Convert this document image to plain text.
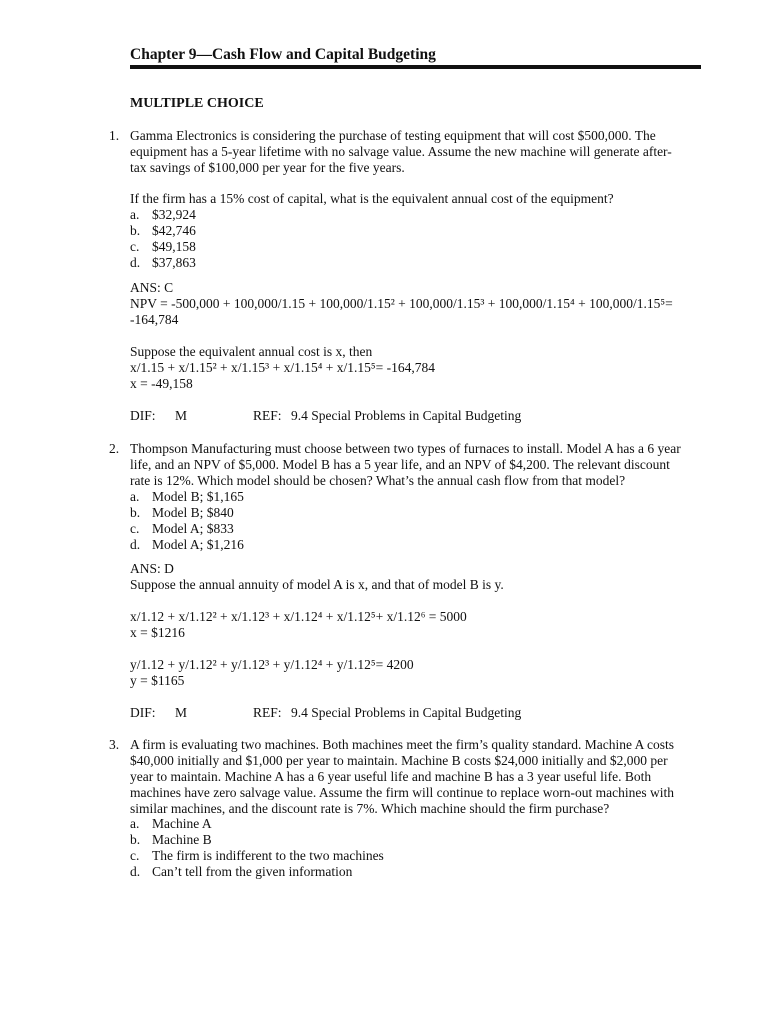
Chapter 9—Cash Flow and Capital Budgeting
MULTIPLE CHOICE
1. Gamma Electronics is considering the purchase of testing equipment that will cost $500,000. The
equipment has a 5-year lifetime with no salvage value. Assume the new machine will generate after-
tax savings of $100,000 per year for the five years.
If the firm has a 15% cost of capital, what is the equivalent annual cost of the equipment?
a. $32,924
b. $42,746
c. $49,158
d. $37,863
ANS: C
NPV = -500,000 + 100,000/1.15 + 100,000/1.15² + 100,000/1.15³ + 100,000/1.15⁴ + 100,000/1.15⁵=
-164,784
Suppose the equivalent annual cost is x, then
x/1.15 + x/1.15² + x/1.15³ + x/1.15⁴ + x/1.15⁵= -164,784
x = -49,158
DIF: M	REF: 9.4 Special Problems in Capital Budgeting
2. Thompson Manufacturing must choose between two types of furnaces to install. Model A has a 6 year
life, and an NPV of $5,000. Model B has a 5 year life, and an NPV of $4,200. The relevant discount
rate is 12%. Which model should be chosen? What’s the annual cash flow from that model?
a. Model B; $1,165
b. Model B; $840
c. Model A; $833
d. Model A; $1,216
ANS: D
Suppose the annual annuity of model A is x, and that of model B is y.
x/1.12 + x/1.12² + x/1.12³ + x/1.12⁴ + x/1.12⁵+ x/1.12⁶ = 5000
x = $1216
y/1.12 + y/1.12² + y/1.12³ + y/1.12⁴ + y/1.12⁵= 4200
y = $1165
DIF: M	REF: 9.4 Special Problems in Capital Budgeting
3. A firm is evaluating two machines. Both machines meet the firm’s quality standard. Machine A costs
$40,000 initially and $1,000 per year to maintain. Machine B costs $24,000 initially and $2,000 per
year to maintain. Machine A has a 6 year useful life and machine B has a 3 year useful life. Both
machines have zero salvage value. Assume the firm will continue to replace worn-out machines with
similar machines, and the discount rate is 7%. Which machine should the firm purchase?
a. Machine A
b. Machine B
c. The firm is indifferent to the two machines
d. Can’t tell from the given information
